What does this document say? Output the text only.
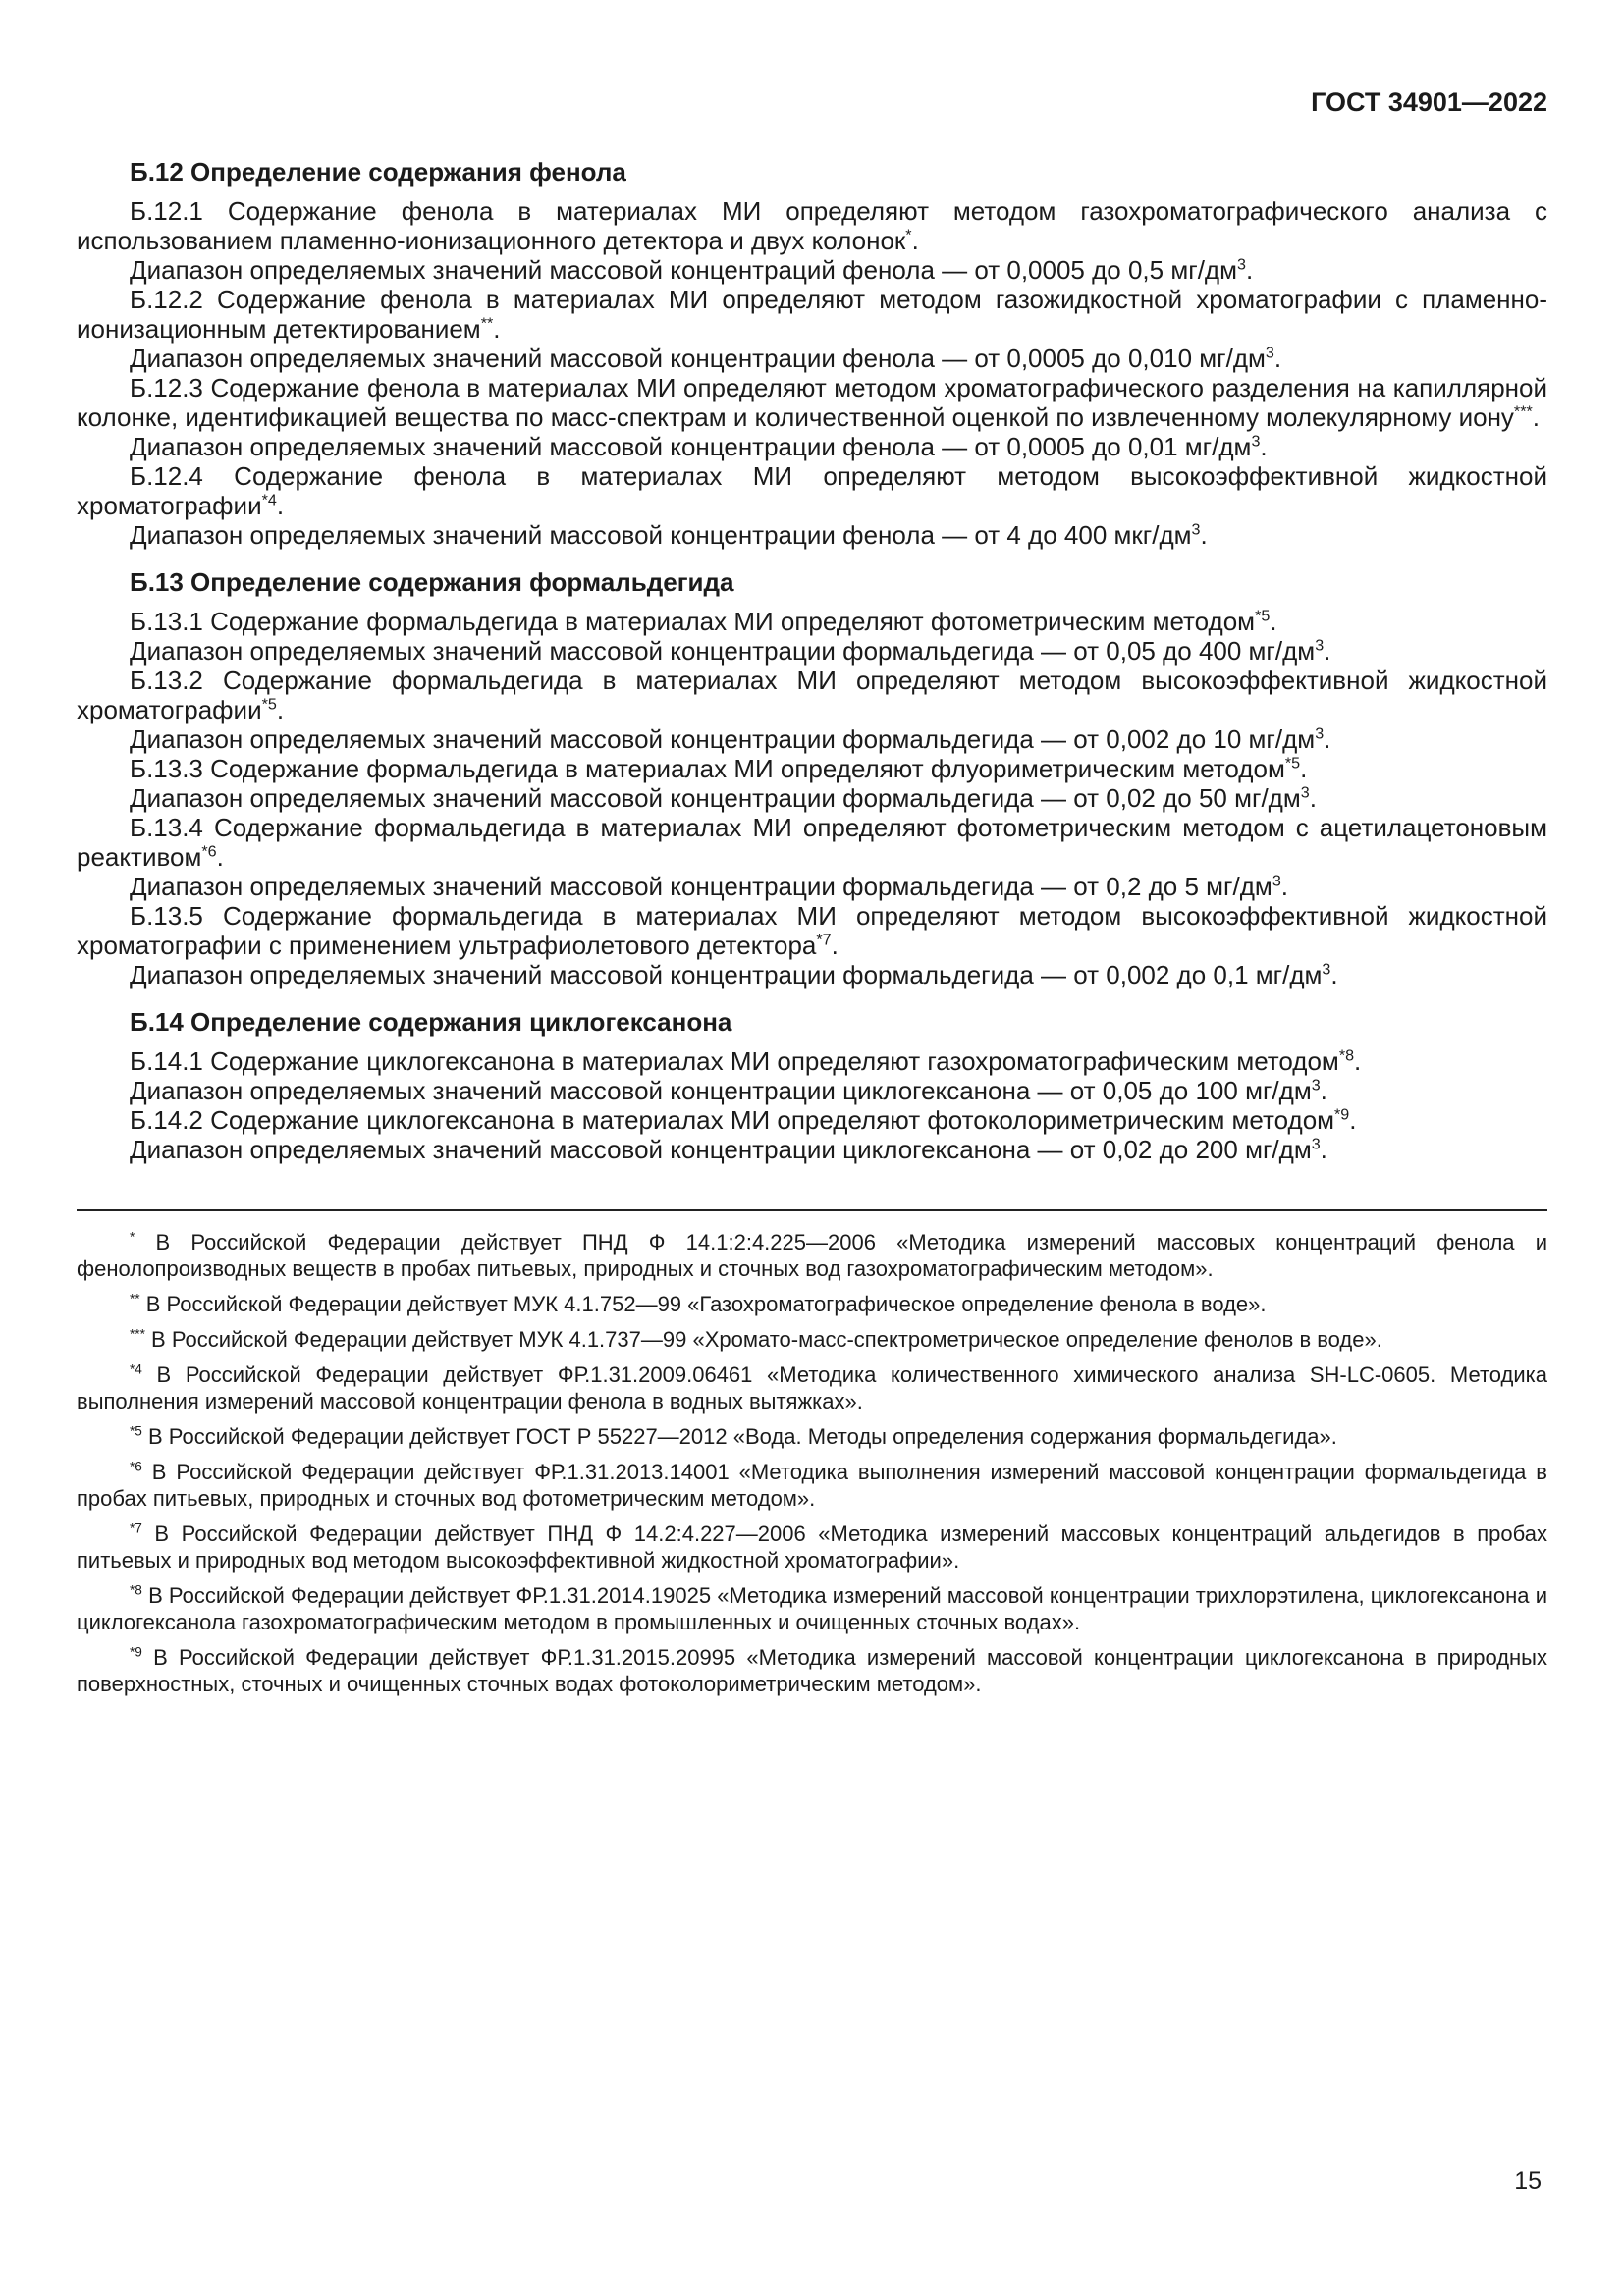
ГОСТ 34901—2022
Б.12 Определение содержания фенола

Б.12.1 Содержание фенола в материалах МИ определяют методом газохроматографического анализа с использованием пламенно-ионизационного детектора и двух колонок*.

Диапазон определяемых значений массовой концентраций фенола — от 0,0005 до 0,5 $мг/дм^3$.

Б.12.2 Содержание фенола в материалах МИ определяют методом газожидкостной хроматографии с пламенно-ионизационным детектированием**.

Диапазон определяемых значений массовой концентрации фенола — от 0,0005 до 0,010 $мг/дм^3$.

Б.12.3 Содержание фенола в материалах МИ определяют методом хроматографического разделения на капиллярной колонке, идентификацией вещества по масс-спектрам и количественной оценкой по извлеченному молекулярному иону***.

Диапазон определяемых значений массовой концентрации фенола — от 0,0005 до 0,01 $мг/дм^3$.

Б.12.4 Содержание фенола в материалах МИ определяют методом высокоэффективной жидкостной хроматографии$^{*4}$.

Диапазон определяемых значений массовой концентрации фенола — от 4 до 400 мкг/$дм^3$.

Б.13 Определение содержания формальдегида

Б.13.1 Содержание формальдегида в материалах МИ определяют фотометрическим методом$^{*5}$.

Диапазон определяемых значений массовой концентрации формальдегида — от 0,05 до 400 $мг/дм^3$.

Б.13.2 Содержание формальдегида в материалах МИ определяют методом высокоэффективной жидкостной хроматографии$^{*5}$.

Диапазон определяемых значений массовой концентрации формальдегида — от 0,002 до 10 $мг/дм^3$.

Б.13.3 Содержание формальдегида в материалах МИ определяют флуориметрическим методом$^{*5}$.

Диапазон определяемых значений массовой концентрации формальдегида — от 0,02 до 50 $мг/дм^3$.

Б.13.4 Содержание формальдегида в материалах МИ определяют фотометрическим методом с ацетилацетоновым реактивом$^{*6}$.

Диапазон определяемых значений массовой концентрации формальдегида — от 0,2 до 5 $мг/дм^3$.

Б.13.5 Содержание формальдегида в материалах МИ определяют методом высокоэффективной жидкостной хроматографии с применением ультрафиолетового детектора$^{*7}$.

Диапазон определяемых значений массовой концентрации формальдегида — от 0,002 до 0,1 $мг/дм^3$.

Б.14 Определение содержания циклогексанона

Б.14.1 Содержание циклогексанона в материалах МИ определяют газохроматографическим методом$^{*8}$.

Диапазон определяемых значений массовой концентрации циклогексанона — от 0,05 до 100 $мг/дм^3$.

Б.14.2 Содержание циклогексанона в материалах МИ определяют фотоколориметрическим методом$^{*9}$.

Диапазон определяемых значений массовой концентрации циклогексанона — от 0,02 до 200 $мг/дм^3$.

* В Российской Федерации действует ПНД Ф 14.1:2:4.225—2006 «Методика измерений массовых концентраций фенола и фенолопроизводных веществ в пробах питьевых, природных и сточных вод газохроматографическим методом».

** В Российской Федерации действует МУК 4.1.752—99 «Газохроматографическое определение фенола в воде».

*** В Российской Федерации действует МУК 4.1.737—99 «Хромато-масс-спектрометрическое определение фенолов в воде».

$^{*4}$ В Российской Федерации действует ФР.1.31.2009.06461 «Методика количественного химического анализа SH-LC-0605. Методика выполнения измерений массовой концентрации фенола в водных вытяжках».

$^{*5}$ В Российской Федерации действует ГОСТ Р 55227—2012 «Вода. Методы определения содержания формальдегида».

$^{*6}$ В Российской Федерации действует ФР.1.31.2013.14001 «Методика выполнения измерений массовой концентрации формальдегида в пробах питьевых, природных и сточных вод фотометрическим методом».

$^{*7}$ В Российской Федерации действует ПНД Ф 14.2:4.227—2006 «Методика измерений массовых концентраций альдегидов в пробах питьевых и природных вод методом высокоэффективной жидкостной хроматографии».

$^{*8}$ В Российской Федерации действует ФР.1.31.2014.19025 «Методика измерений массовой концентрации трихлорэтилена, циклогексанона и циклогексанола газохроматографическим методом в промышленных и очищенных сточных водах».

$^{*9}$ В Российской Федерации действует ФР.1.31.2015.20995 «Методика измерений массовой концентрации циклогексанона в природных поверхностных, сточных и очищенных сточных водах фотоколориметрическим методом».

15
